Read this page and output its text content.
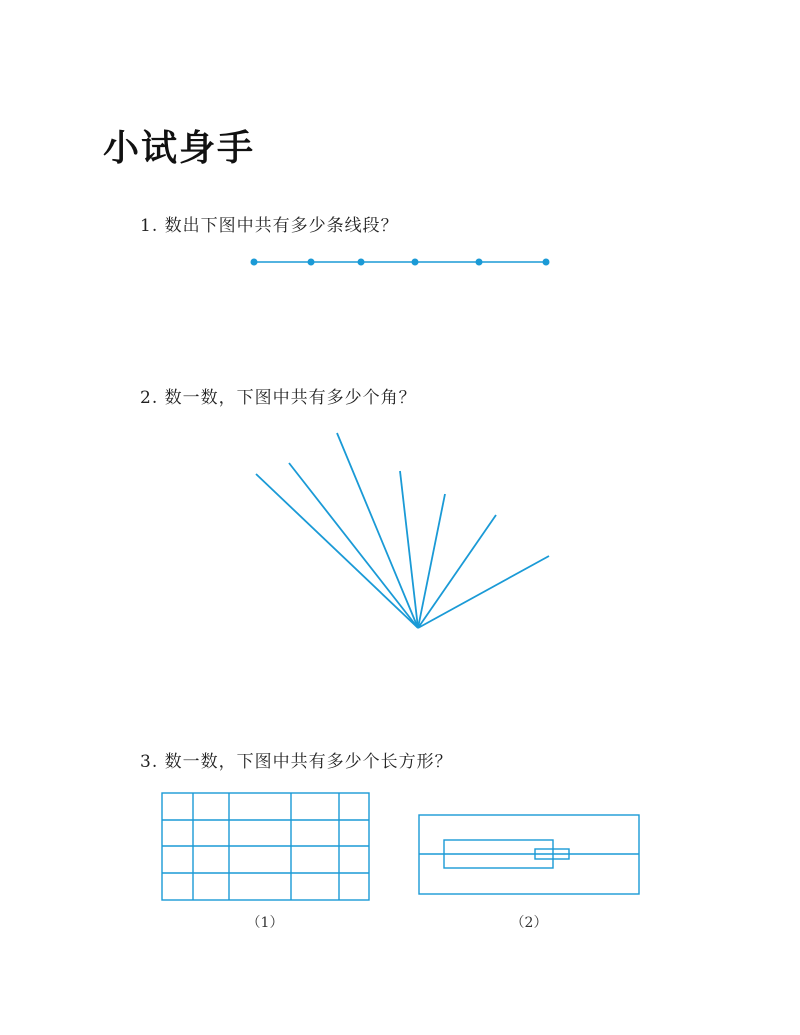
小试身手

1. 数出下图中共有多少条线段？

2. 数一数，下图中共有多少个角？

3. 数一数，下图中共有多少个长方形？

（1）	（2）
